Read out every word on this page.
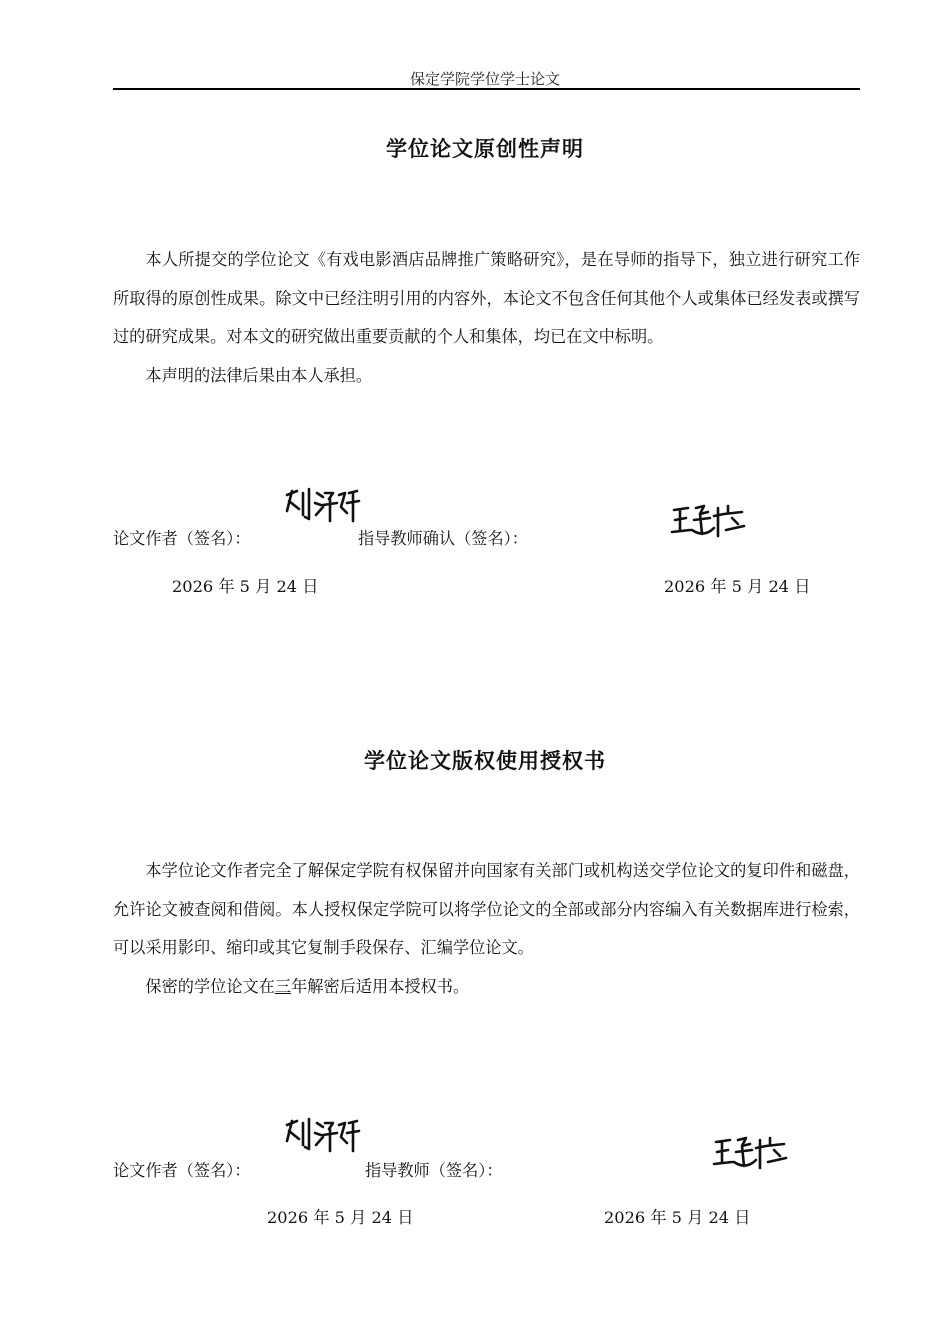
保定学院学位学士论文
学位论文原创性声明

本人所提交的学位论文《有戏电影酒店品牌推广策略研究》，是在导师的指导下，独立进行研究工作所取得的原创性成果。除文中已经注明引用的内容外，本论文不包含任何其他个人或集体已经发表或撰写过的研究成果。对本文的研究做出重要贡献的个人和集体，均已在文中标明。

本声明的法律后果由本人承担。

论文作者（签名）：	指导教师确认（签名）：
2026 年 5 月 24 日	2026 年 5 月 24 日
学位论文版权使用授权书

本学位论文作者完全了解保定学院有权保留并向国家有关部门或机构送交学位论文的复印件和磁盘，允许论文被查阅和借阅。本人授权保定学院可以将学位论文的全部或部分内容编入有关数据库进行检索，可以采用影印、缩印或其它复制手段保存、汇编学位论文。

保密的学位论文在三年解密后适用本授权书。

论文作者（签名）：	指导教师（签名）：
2026 年 5 月 24 日	2026 年 5 月 24 日
